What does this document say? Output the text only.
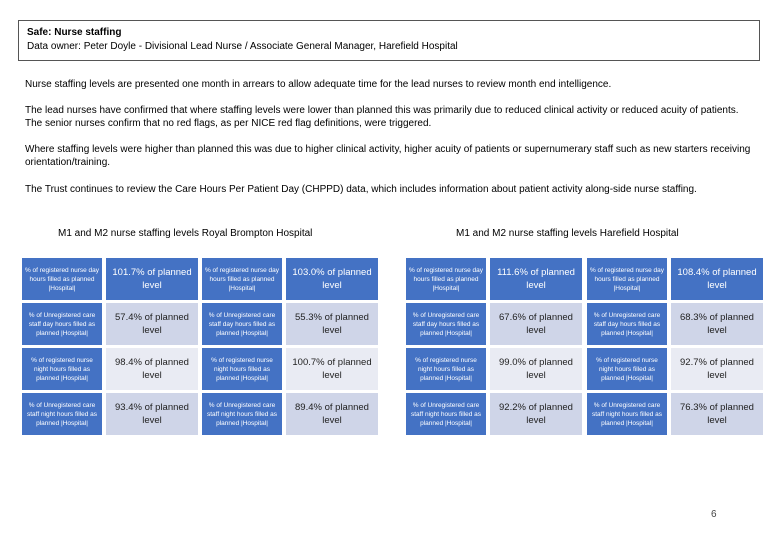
Safe: Nurse staffing
Data owner: Peter Doyle - Divisional Lead Nurse / Associate General Manager, Harefield Hospital
Nurse staffing levels are presented one month in arrears to allow adequate time for the lead nurses to review month end intelligence.
The lead nurses have confirmed that where staffing levels were lower than planned this was primarily due to reduced clinical activity or reduced acuity of patients. The senior nurses confirm that no red flags, as per NICE red flag definitions, were triggered.
Where staffing levels were higher than planned this was due to higher clinical activity, higher acuity of patients or supernumerary staff such as new starters receiving orientation/training.
The Trust continues to review the Care Hours Per Patient Day (CHPPD) data, which includes information about patient activity along-side nurse staffing.
M1 and M2 nurse staffing levels Royal Brompton Hospital	M1 and M2 nurse staffing levels Harefield Hospital
% of registered nurse day hours filled as planned |Hospital|
101.7% of planned level
% of Unregistered care staff day hours filled as planned |Hospital|
57.4% of planned level
% of registered nurse night hours filled as planned |Hospital|
98.4% of planned level
% of Unregistered care staff night hours filled as planned |Hospital|
93.4% of planned level
% of registered nurse day hours filled as planned |Hospital|
103.0% of planned level
% of Unregistered care staff day hours filled as planned |Hospital|
55.3% of planned level
% of registered nurse night hours filled as planned |Hospital|
100.7% of planned level
% of Unregistered care staff night hours filled as planned |Hospital|
89.4% of planned level
% of registered nurse day hours filled as planned |Hospital|
111.6% of planned level
% of Unregistered care staff day hours filled as planned |Hospital|
67.6% of planned level
% of registered nurse night hours filled as planned |Hospital|
99.0% of planned level
% of Unregistered care staff night hours filled as planned |Hospital|
92.2% of planned level
% of registered nurse day hours filled as planned |Hospital|
108.4% of planned level
% of Unregistered care staff day hours filled as planned |Hospital|
68.3% of planned level
% of registered nurse night hours filled as planned |Hospital|
92.7% of planned level
% of Unregistered care staff night hours filled as planned |Hospital|
76.3% of planned level
6
